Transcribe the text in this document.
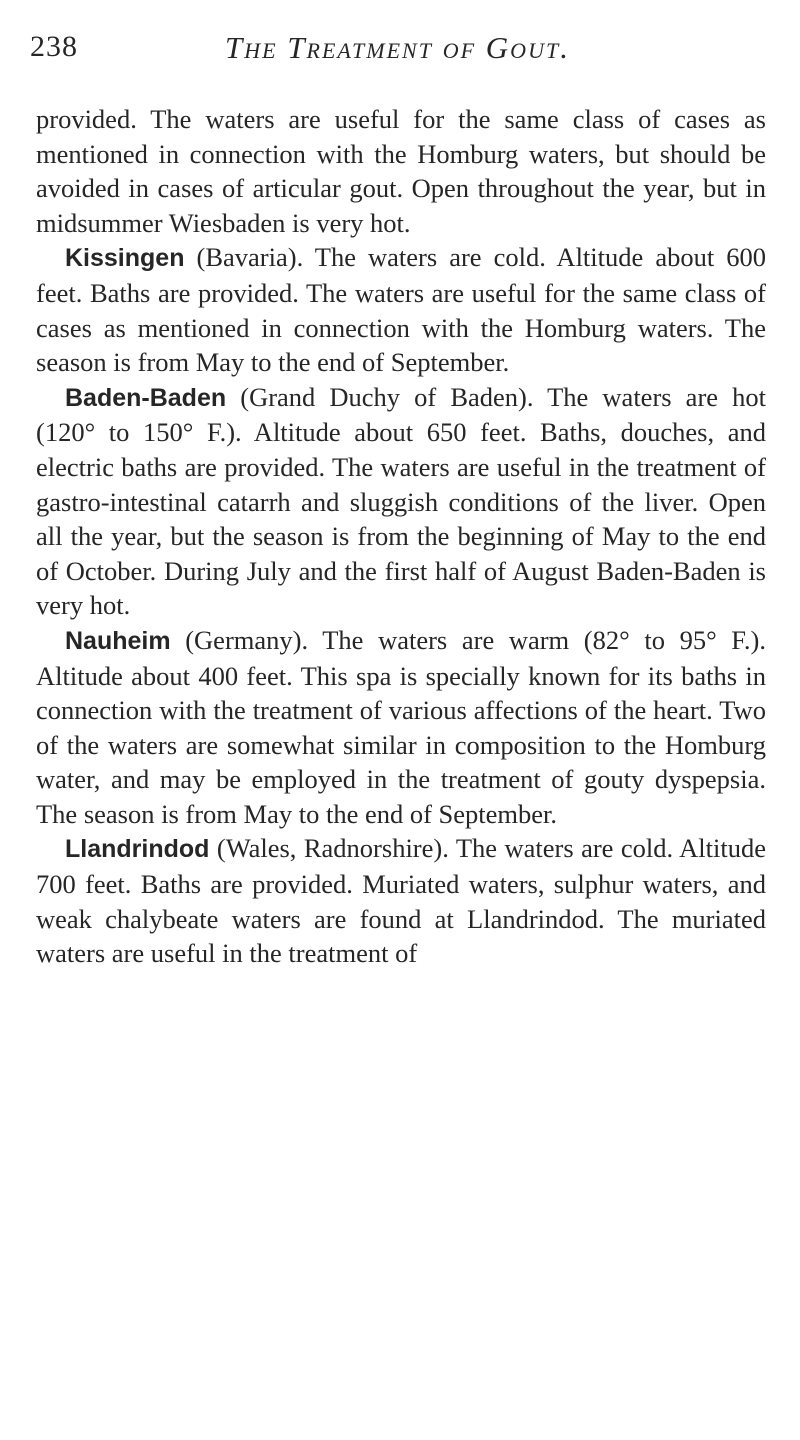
238	The Treatment of Gout.

provided. The waters are useful for the same class of cases as mentioned in connection with the Homburg waters, but should be avoided in cases of articular gout. Open throughout the year, but in midsummer Wiesbaden is very hot.

Kissingen (Bavaria). The waters are cold. Altitude about 600 feet. Baths are provided. The waters are useful for the same class of cases as mentioned in connection with the Homburg waters. The season is from May to the end of September.

Baden-Baden (Grand Duchy of Baden). The waters are hot (120° to 150° F.). Altitude about 650 feet. Baths, douches, and electric baths are provided. The waters are useful in the treatment of gastro-intestinal catarrh and sluggish conditions of the liver. Open all the year, but the season is from the beginning of May to the end of October. During July and the first half of August Baden-Baden is very hot.

Nauheim (Germany). The waters are warm (82° to 95° F.). Altitude about 400 feet. This spa is specially known for its baths in connection with the treatment of various affections of the heart. Two of the waters are somewhat similar in composition to the Homburg water, and may be employed in the treatment of gouty dyspepsia. The season is from May to the end of September.

Llandrindod (Wales, Radnorshire). The waters are cold. Altitude 700 feet. Baths are provided. Muriated waters, sulphur waters, and weak chalybeate waters are found at Llandrindod. The muriated waters are useful in the treatment of
